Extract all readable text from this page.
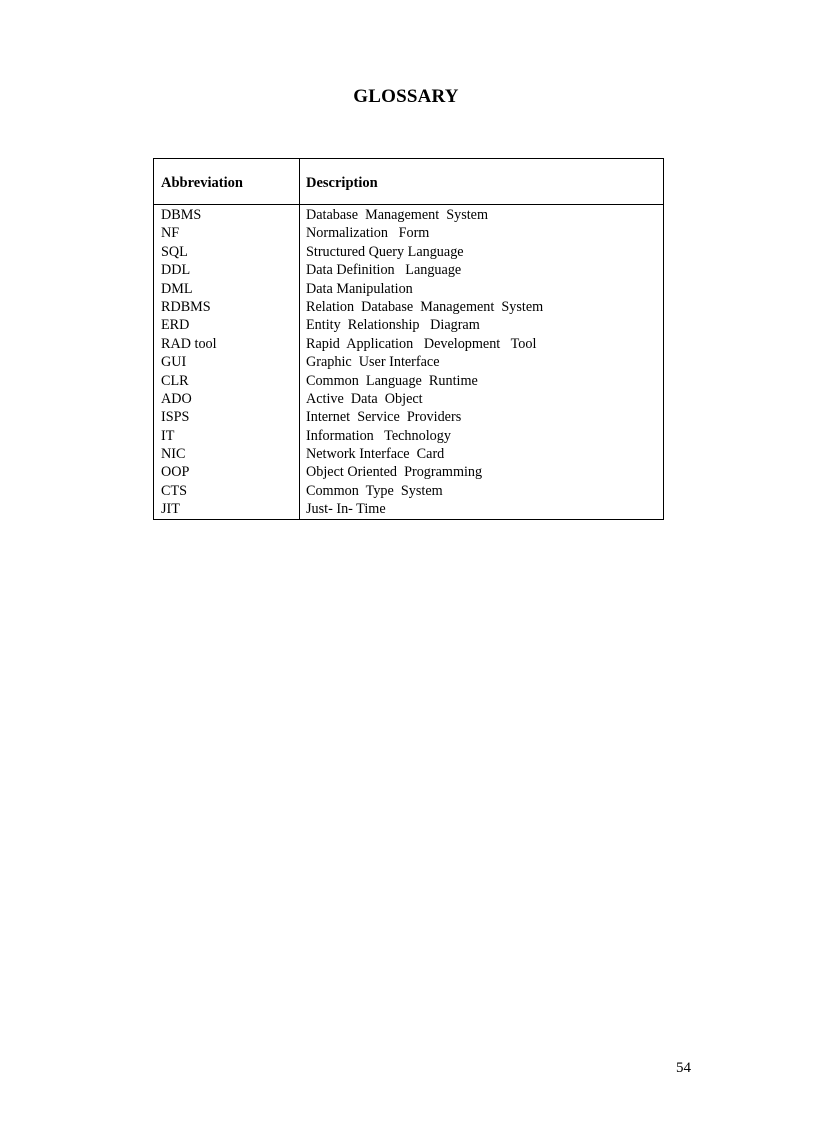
GLOSSARY
Abbreviation	Description
DBMS	Database  Management  System
NF	Normalization   Form
SQL	Structured Query Language
DDL	Data Definition   Language
DML	Data Manipulation
RDBMS	Relation  Database  Management  System
ERD	Entity  Relationship   Diagram
RAD tool	Rapid  Application   Development   Tool
GUI	Graphic  User Interface
CLR	Common  Language  Runtime
ADO	Active  Data  Object
ISPS	Internet  Service  Providers
IT	Information   Technology
NIC	Network Interface  Card
OOP	Object Oriented  Programming
CTS	Common  Type  System
JIT	Just- In- Time
54
